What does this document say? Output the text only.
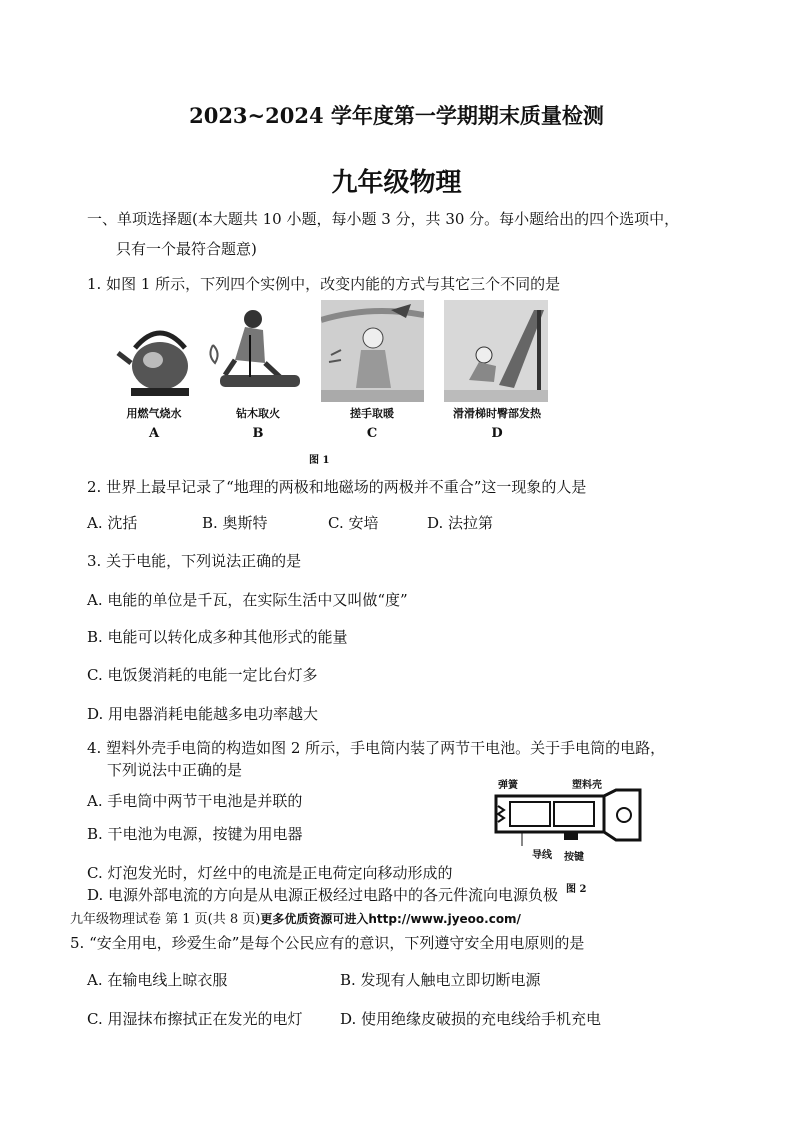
2023~2024 学年度第一学期期末质量检测
九年级物理
一、单项选择题(本大题共 10 小题，每小题 3 分，共 30 分。每小题给出的四个选项中，
只有一个最符合题意)
1. 如图 1 所示，下列四个实例中，改变内能的方式与其它三个不同的是
用燃气烧水	钻木取火	搓手取暖	滑滑梯时臀部发热
A	B	C	D
图 1
2. 世界上最早记录了“地理的两极和地磁场的两极并不重合”这一现象的人是
A. 沈括	B. 奥斯特	C. 安培	D. 法拉第
3. 关于电能，下列说法正确的是
A. 电能的单位是千瓦，在实际生活中又叫做“度”
B. 电能可以转化成多种其他形式的能量
C. 电饭煲消耗的电能一定比台灯多
D. 用电器消耗电能越多电功率越大
4. 塑料外壳手电筒的构造如图 2 所示，手电筒内装了两节干电池。关于手电筒的电路，
下列说法中正确的是
A. 手电筒中两节干电池是并联的
B. 干电池为电源，按键为用电器
C. 灯泡发光时，灯丝中的电流是正电荷定向移动形成的
D. 电源外部电流的方向是从电源正极经过电路中的各元件流向电源负极
弹簧	塑料壳
导线 按键
图 2
九年级物理试卷 第 1 页(共 8 页)更多优质资源可进入http://www.jyeoo.com/
5. “安全用电，珍爱生命”是每个公民应有的意识，下列遵守安全用电原则的是
A. 在输电线上晾衣服	B. 发现有人触电立即切断电源
C. 用湿抹布擦拭正在发光的电灯	D. 使用绝缘皮破损的充电线给手机充电
